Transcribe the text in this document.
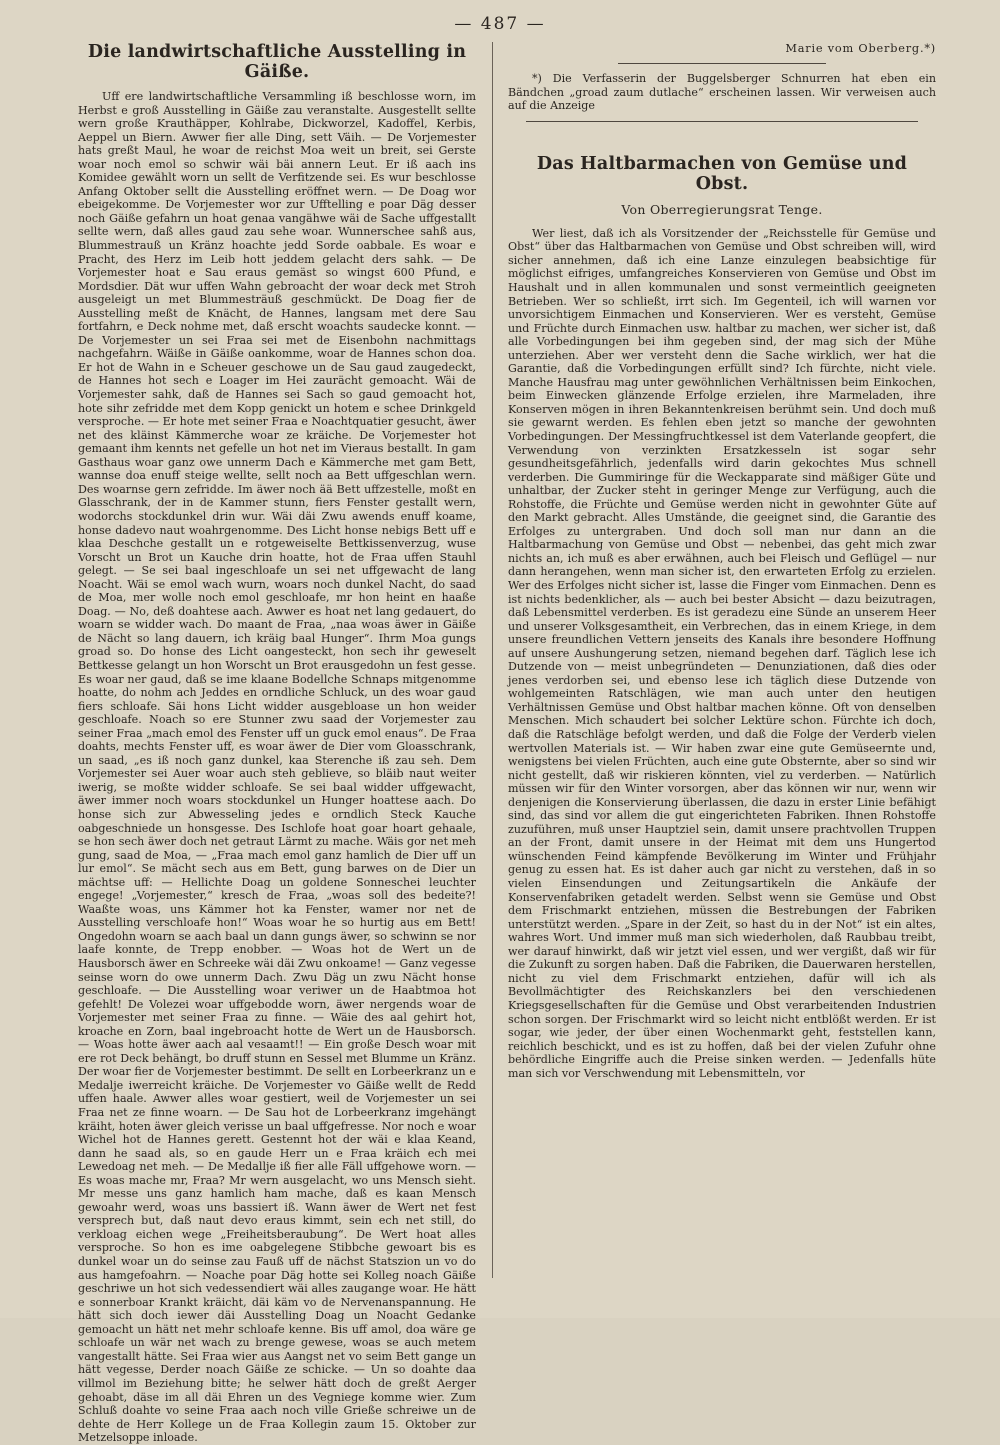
— 487 —
Die landwirtschaftliche Ausstelling in Gäiße.

Uff ere landwirtschaftliche Versammling iß beschlosse worn, im Herbst e groß Ausstelling in Gäiße zau veranstalte. Ausgestellt sellte wern große Krauthäpper, Kohlrabe, Dickworzel, Kadoffel, Kerbis, Aeppel un Biern. Awwer fier alle Ding, sett Väih. — De Vorjemester hats greßt Maul, he woar de reichst Moa weit un breit, sei Gerste woar noch emol so schwir wäi bäi annern Leut. Er iß aach ins Komidee gewählt worn un sellt de Verfitzende sei. Es wur beschlosse Anfang Oktober sellt die Ausstelling eröffnet wern. — De Doag wor ebeigekomme. De Vorjemester wor zur Ufftelling e poar Däg desser noch Gäiße gefahrn un hoat genaa vangähwe wäi de Sache uffgestallt sellte wern, daß alles gaud zau sehe woar. Wunnerschee sahß aus, Blummestrauß un Kränz hoachte jedd Sorde oabbale. Es woar e Pracht, des Herz im Leib hott jeddem gelacht ders sahk. — De Vorjemester hoat e Sau eraus gemäst so wingst 600 Pfund, e Mordsdier. Dät wur uffen Wahn gebroacht der woar deck met Stroh ausgeleigt un met Blummesträuß geschmückt. De Doag fier de Ausstelling meßt de Knächt, de Hannes, langsam met dere Sau fortfahrn, e Deck nohme met, daß erscht woachts saudecke konnt. — De Vorjemester un sei Fraa sei met de Eisenbohn nachmittags nachgefahrn. Wäiße in Gäiße oankomme, woar de Hannes schon doa. Er hot de Wahn in e Scheuer geschowe un de Sau gaud zaugedeckt, de Hannes hot sech e Loager im Hei zaurächt gemoacht. Wäi de Vorjemester sahk, daß de Hannes sei Sach so gaud gemoacht hot, hote sihr zefridde met dem Kopp genickt un hotem e schee Drinkgeld versproche. — Er hote met seiner Fraa e Noachtquatier gesucht, äwer net des kläinst Kämmerche woar ze kräiche. De Vorjemester hot gemaant ihm kennts net gefelle un hot net im Vieraus bestallt. In gam Gasthaus woar ganz owe unnerm Dach e Kämmerche met gam Bett, wannse doa enuff steige wellte, sellt noch aa Bett uffgeschlan wern. Des woarnse gern zefridde. Im äwer noch ää Bett uffzestelle, moßt en Glasschrank, der in de Kammer stunn, fiers Fenster gestallt wern, wodorchs stockdunkel drin wur. Wäi däi Zwu awends enuff koame, honse dadevo naut woahrgenomme. Des Licht honse nebigs Bett uff e klaa Deschche gestallt un e rotgeweiselte Bettkissenverzug, wuse Vorscht un Brot un Kauche drin hoatte, hot de Fraa uffen Stauhl gelegt. — Se sei baal ingeschloafe un sei net uffgewacht de lang Noacht. Wäi se emol wach wurn, woars noch dunkel Nacht, do saad de Moa, mer wolle noch emol geschloafe, mr hon heint en haaße Doag. — No, deß doahtese aach. Awwer es hoat net lang gedauert, do woarn se widder wach. Do maant de Fraa, „naa woas äwer in Gäiße de Nächt so lang dauern, ich kräig baal Hunger“. Ihrm Moa gungs groad so. Do honse des Licht oangesteckt, hon sech ihr geweselt Bettkesse gelangt un hon Worscht un Brot erausgedohn un fest gesse. Es woar ner gaud, daß se ime klaane Bodellche Schnaps mitgenomme hoatte, do nohm ach Jeddes en orndliche Schluck, un des woar gaud fiers schloafe. Säi hons Licht widder ausgebloase un hon weider geschloafe. Noach so ere Stunner zwu saad der Vorjemester zau seiner Fraa „mach emol des Fenster uff un guck emol enaus“. De Fraa doahts, mechts Fenster uff, es woar äwer de Dier vom Gloasschrank, un saad, „es iß noch ganz dunkel, kaa Sterenche iß zau seh. Dem Vorjemester sei Auer woar auch steh geblieve, so bläib naut weiter iwerig, se moßte widder schloafe. Se sei baal widder uffgewacht, äwer immer noch woars stockdunkel un Hunger hoattese aach. Do honse sich zur Abwesseling jedes e orndlich Steck Kauche oabgeschniede un honsgesse. Des Ischlofe hoat goar hoart gehaale, se hon sech äwer doch net getraut Lärmt zu mache. Wäis gor net meh gung, saad de Moa, — „Fraa mach emol ganz hamlich de Dier uff un lur emol“. Se mächt sech aus em Bett, gung barwes on de Dier un mächtse uff: — Hellichte Doag un goldene Sonneschei leuchter engege! „Vorjemester,“ kresch de Fraa, „woas soll des bedeite?! Waaßte woas, uns Kämmer hot ka Fenster, wamer nor net de Ausstelling verschloafe hon!“ Woas woar he so hurtig aus em Bett! Ongedohn woarn se aach baal un dann gungs äwer, so schwinn se nor laafe konnte, de Trepp enobber. — Woas hot de Wert un de Hausborsch äwer en Schreeke wäi däi Zwu onkoame! — Ganz vegesse seinse worn do owe unnerm Dach. Zwu Däg un zwu Nächt honse geschloafe. — Die Ausstelling woar veriwer un de Haabtmoa hot gefehlt! De Volezei woar uffgebodde worn, äwer nergends woar de Vorjemester met seiner Fraa zu finne. — Wäie des aal gehirt hot, kroache en Zorn, baal ingebroacht hotte de Wert un de Hausborsch. — Woas hotte äwer aach aal vesaamt!! — Ein große Desch woar mit ere rot Deck behängt, bo druff stunn en Sessel met Blumme un Kränz. Der woar fier de Vorjemester bestimmt. De sellt en Lorbeerkranz un e Medalje iwerreicht kräiche. De Vorjemester vo Gäiße wellt de Redd uffen haale. Awwer alles woar gestiert, weil de Vorjemester un sei Fraa net ze finne woarn. — De Sau hot de Lorbeerkranz imgehängt kräiht, hoten äwer gleich verisse un baal uffgefresse. Nor noch e woar Wichel hot de Hannes gerett. Gestennt hot der wäi e klaa Keand, dann he saad als, so en gaude Herr un e Fraa kräich ech mei Lewedoag net meh. — De Medallje iß fier alle Fäll uffgehowe worn. — Es woas mache mr, Fraa? Mr wern ausgelacht, wo uns Mensch sieht. Mr messe uns ganz hamlich ham mache, daß es kaan Mensch gewoahr werd, woas uns bassiert iß. Wann äwer de Wert net fest versprech but, daß naut devo eraus kimmt, sein ech net still, do verkloag eichen wege „Freiheitsberaubung“. De Wert hoat alles versproche. So hon es ime oabgelegene Stibbche gewoart bis es dunkel woar un do seinse zau Fauß uff de nächst Statszion un vo do aus hamgefoahrn. — Noache poar Däg hotte sei Kolleg noach Gäiße geschriwe un hot sich vedessendiert wäi alles zaugange woar. He hätt e sonnerboar Krankt kräicht, däi käm vo de Nervenanspannung. He hätt sich doch iewer däi Ausstelling Doag un Noacht Gedanke gemoacht un hätt net mehr schloafe kenne. Bis uff amol, doa wäre ge schloafe un wär net wach zu brenge gewese, woas se auch metem vangestallt hätte. Sei Fraa wier aus Aangst net vo seim Bett gange un hätt vegesse, Derder noach Gäiße ze schicke. — Un so doahte daa villmol im Beziehung bitte; he selwer hätt doch de greßt Aerger gehoabt, däse im all däi Ehren un des Vegniege komme wier. Zum Schluß doahte vo seine Fraa aach noch ville Grieße schreiwe un de dehte de Herr Kollege un de Fraa Kollegin zaum 15. Oktober zur Metzelsoppe inloade.

Marie vom Oberberg.*)

*) Die Verfasserin der Buggelsberger Schnurren hat eben ein Bändchen „groad zaum dutlache“ erscheinen lassen. Wir verweisen auch auf die Anzeige

Das Haltbarmachen von Gemüse und Obst.
Von Oberregierungsrat Tenge.

Wer liest, daß ich als Vorsitzender der „Reichsstelle für Gemüse und Obst“ über das Haltbarmachen von Gemüse und Obst schreiben will, wird sicher annehmen, daß ich eine Lanze einzulegen beabsichtige für möglichst eifriges, umfangreiches Konservieren von Gemüse und Obst im Haushalt und in allen kommunalen und sonst vermeintlich geeigneten Betrieben. Wer so schließt, irrt sich. Im Gegenteil, ich will warnen vor unvorsichtigem Einmachen und Konservieren. Wer es versteht, Gemüse und Früchte durch Einmachen usw. haltbar zu machen, wer sicher ist, daß alle Vorbedingungen bei ihm gegeben sind, der mag sich der Mühe unterziehen. Aber wer versteht denn die Sache wirklich, wer hat die Garantie, daß die Vorbedingungen erfüllt sind? Ich fürchte, nicht viele. Manche Hausfrau mag unter gewöhnlichen Verhältnissen beim Einkochen, beim Einwecken glänzende Erfolge erzielen, ihre Marmeladen, ihre Konserven mögen in ihren Bekanntenkreisen berühmt sein. Und doch muß sie gewarnt werden. Es fehlen eben jetzt so manche der gewohnten Vorbedingungen. Der Messingfruchtkessel ist dem Vaterlande geopfert, die Verwendung von verzinkten Ersatzkesseln ist sogar sehr gesundheitsgefährlich, jedenfalls wird darin gekochtes Mus schnell verderben. Die Gummiringe für die Weckapparate sind mäßiger Güte und unhaltbar, der Zucker steht in geringer Menge zur Verfügung, auch die Rohstoffe, die Früchte und Gemüse werden nicht in gewohnter Güte auf den Markt gebracht. Alles Umstände, die geeignet sind, die Garantie des Erfolges zu untergraben. Und doch soll man nur dann an die Haltbarmachung von Gemüse und Obst — nebenbei, das geht mich zwar nichts an, ich muß es aber erwähnen, auch bei Fleisch und Geflügel — nur dann herangehen, wenn man sicher ist, den erwarteten Erfolg zu erzielen. Wer des Erfolges nicht sicher ist, lasse die Finger vom Einmachen. Denn es ist nichts bedenklicher, als — auch bei bester Absicht — dazu beizutragen, daß Lebensmittel verderben. Es ist geradezu eine Sünde an unserem Heer und unserer Volksgesamtheit, ein Verbrechen, das in einem Kriege, in dem unsere freundlichen Vettern jenseits des Kanals ihre besondere Hoffnung auf unsere Aushungerung setzen, niemand begehen darf. Täglich lese ich Dutzende von — meist unbegründeten — Denunziationen, daß dies oder jenes verdorben sei, und ebenso lese ich täglich diese Dutzende von wohlgemeinten Ratschlägen, wie man auch unter den heutigen Verhältnissen Gemüse und Obst haltbar machen könne. Oft von denselben Menschen. Mich schaudert bei solcher Lektüre schon. Fürchte ich doch, daß die Ratschläge befolgt werden, und daß die Folge der Verderb vielen wertvollen Materials ist. — Wir haben zwar eine gute Gemüseernte und, wenigstens bei vielen Früchten, auch eine gute Obsternte, aber so sind wir nicht gestellt, daß wir riskieren könnten, viel zu verderben. — Natürlich müssen wir für den Winter vorsorgen, aber das können wir nur, wenn wir denjenigen die Konservierung überlassen, die dazu in erster Linie befähigt sind, das sind vor allem die gut eingerichteten Fabriken. Ihnen Rohstoffe zuzuführen, muß unser Hauptziel sein, damit unsere prachtvollen Truppen an der Front, damit unsere in der Heimat mit dem uns Hungertod wünschenden Feind kämpfende Bevölkerung im Winter und Frühjahr genug zu essen hat. Es ist daher auch gar nicht zu verstehen, daß in so vielen Einsendungen und Zeitungsartikeln die Ankäufe der Konservenfabriken getadelt werden. Selbst wenn sie Gemüse und Obst dem Frischmarkt entziehen, müssen die Bestrebungen der Fabriken unterstützt werden. „Spare in der Zeit, so hast du in der Not“ ist ein altes, wahres Wort. Und immer muß man sich wiederholen, daß Raubbau treibt, wer darauf hinwirkt, daß wir jetzt viel essen, und wer vergißt, daß wir für die Zukunft zu sorgen haben. Daß die Fabriken, die Dauerwaren herstellen, nicht zu viel dem Frischmarkt entziehen, dafür will ich als Bevollmächtigter des Reichskanzlers bei den verschiedenen Kriegsgesellschaften für die Gemüse und Obst verarbeitenden Industrien schon sorgen. Der Frischmarkt wird so leicht nicht entblößt werden. Er ist sogar, wie jeder, der über einen Wochenmarkt geht, feststellen kann, reichlich beschickt, und es ist zu hoffen, daß bei der vielen Zufuhr ohne behördliche Eingriffe auch die Preise sinken werden. — Jedenfalls hüte man sich vor Verschwendung mit Lebensmitteln, vor
